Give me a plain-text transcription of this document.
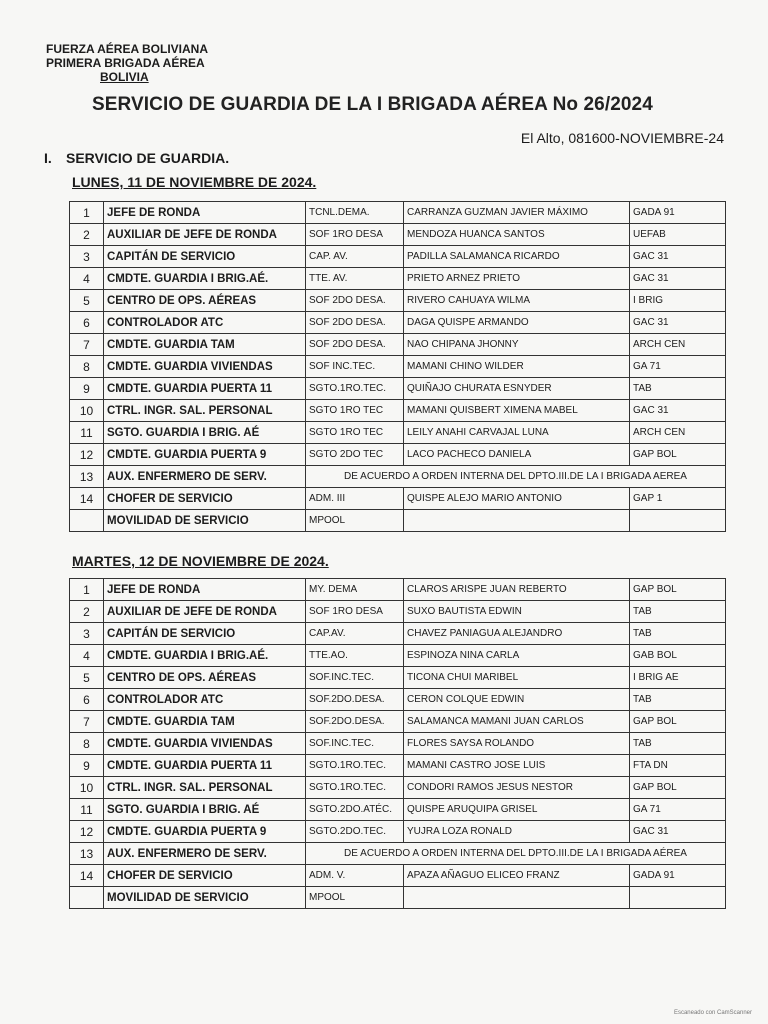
FUERZA AÉREA BOLIVIANA
PRIMERA BRIGADA AÉREA
BOLIVIA
SERVICIO DE GUARDIA DE LA I BRIGADA AÉREA No 26/2024
El Alto, 081600-NOVIEMBRE-24
I. SERVICIO DE GUARDIA.
LUNES, 11 DE NOVIEMBRE DE 2024.
1	JEFE DE RONDA	TCNL.DEMA.	CARRANZA GUZMAN JAVIER MÁXIMO	GADA 91
2	AUXILIAR DE JEFE DE RONDA	SOF 1RO DESA	MENDOZA HUANCA SANTOS	UEFAB
3	CAPITÁN DE SERVICIO	CAP. AV.	PADILLA SALAMANCA RICARDO	GAC 31
4	CMDTE. GUARDIA I BRIG.AÉ.	TTE. AV.	PRIETO ARNEZ PRIETO	GAC 31
5	CENTRO DE OPS. AÉREAS	SOF 2DO DESA.	RIVERO CAHUAYA WILMA	I BRIG
6	CONTROLADOR ATC	SOF 2DO DESA.	DAGA QUISPE ARMANDO	GAC 31
7	CMDTE. GUARDIA TAM	SOF 2DO DESA.	NAO CHIPANA JHONNY	ARCH CEN
8	CMDTE. GUARDIA VIVIENDAS	SOF INC.TEC.	MAMANI CHINO WILDER	GA 71
9	CMDTE. GUARDIA PUERTA 11	SGTO.1RO.TEC.	QUIÑAJO CHURATA ESNYDER	TAB
10	CTRL. INGR. SAL. PERSONAL	SGTO 1RO TEC	MAMANI QUISBERT XIMENA MABEL	GAC 31
11	SGTO. GUARDIA I BRIG. AÉ	SGTO 1RO TEC	LEILY ANAHI CARVAJAL LUNA	ARCH CEN
12	CMDTE. GUARDIA PUERTA 9	SGTO 2DO TEC	LACO PACHECO DANIELA	GAP BOL
13	AUX. ENFERMERO DE SERV.	DE ACUERDO A ORDEN INTERNA DEL DPTO.III.DE LA I BRIGADA AEREA		
14	CHOFER DE SERVICIO	ADM. III	QUISPE ALEJO MARIO ANTONIO	GAP 1
	MOVILIDAD DE SERVICIO	MPOOL		
MARTES, 12 DE NOVIEMBRE DE 2024.
1	JEFE DE RONDA	MY. DEMA	CLAROS ARISPE JUAN REBERTO	GAP BOL
2	AUXILIAR DE JEFE DE RONDA	SOF 1RO DESA	SUXO BAUTISTA EDWIN	TAB
3	CAPITÁN DE SERVICIO	CAP.AV.	CHAVEZ PANIAGUA ALEJANDRO	TAB
4	CMDTE. GUARDIA I BRIG.AÉ.	TTE.AO.	ESPINOZA NINA CARLA	GAB BOL
5	CENTRO DE OPS. AÉREAS	SOF.INC.TEC.	TICONA CHUI MARIBEL	I BRIG AE
6	CONTROLADOR ATC	SOF.2DO.DESA.	CERON COLQUE EDWIN	TAB
7	CMDTE. GUARDIA TAM	SOF.2DO.DESA.	SALAMANCA MAMANI JUAN CARLOS	GAP BOL
8	CMDTE. GUARDIA VIVIENDAS	SOF.INC.TEC.	FLORES SAYSA ROLANDO	TAB
9	CMDTE. GUARDIA PUERTA 11	SGTO.1RO.TEC.	MAMANI CASTRO JOSE LUIS	FTA DN
10	CTRL. INGR. SAL. PERSONAL	SGTO.1RO.TEC.	CONDORI RAMOS JESUS NESTOR	GAP BOL
11	SGTO. GUARDIA I BRIG. AÉ	SGTO.2DO.ATÉC.	QUISPE ARUQUIPA GRISEL	GA 71
12	CMDTE. GUARDIA PUERTA 9	SGTO.2DO.TEC.	YUJRA LOZA RONALD	GAC 31
13	AUX. ENFERMERO DE SERV.	DE ACUERDO A ORDEN INTERNA DEL DPTO.III.DE LA I BRIGADA AÉREA		
14	CHOFER DE SERVICIO	ADM. V.	APAZA AÑAGUO ELICEO FRANZ	GADA 91
	MOVILIDAD DE SERVICIO	MPOOL		
Escaneado con CamScanner
